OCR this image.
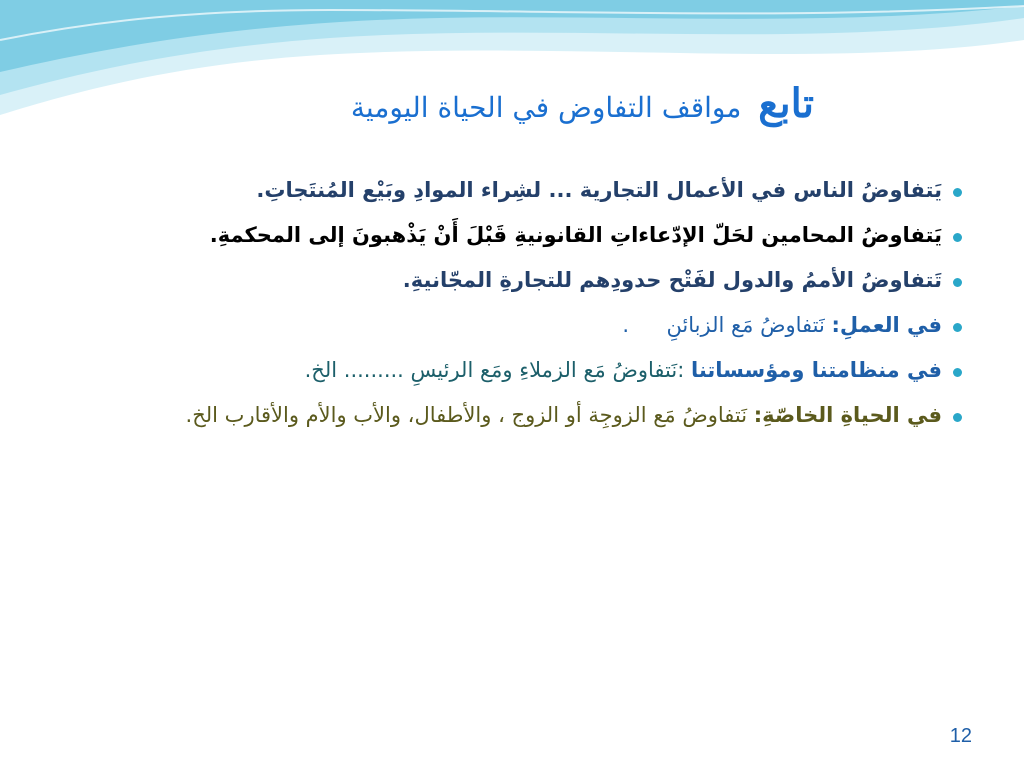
تابع مواقف التفاوض في الحياة اليومية
يَتفاوضُ الناس في الأعمال التجارية ... لشِراء الموادِ وبَيْع المُنتَجاتِ.
يَتفاوضُ المحامين لحَلّ الإدّعاءاتِ القانونيةِ قَبْلَ أَنْ يَذْهبونَ إلى المحكمةِ.
تَتفاوضُ الأممُ والدول لفَتْح حدودِهم للتجارةِ المجّانيةِ.
في العملِ: نَتفاوضُ مَع الزبائنِ  .
في منظامتنا ومؤسساتنا :نَتفاوضُ مَع الزملاءِ ومَع الرئيسِ ......... الخ.
في الحياةِ الخاصّةِ: نَتفاوضُ مَع الزوجِة أو الزوج ، والأطفال، والأب والأم والأقارب الخ.
12
